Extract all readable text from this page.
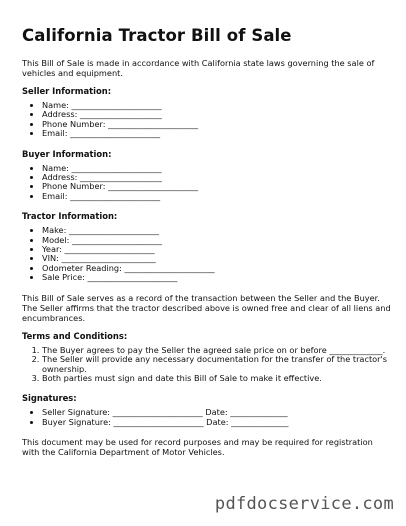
California Tractor Bill of Sale

This Bill of Sale is made in accordance with California state laws governing the sale of vehicles and equipment.

Seller Information:
• Name: ______________________
• Address: ____________________
• Phone Number: ______________________
• Email: ______________________
Buyer Information:
• Name: ______________________
• Address: ____________________
• Phone Number: ______________________
• Email: ______________________
Tractor Information:
• Make: ______________________
• Model: ______________________
• Year: ______________________
• VIN: _______________________
• Odometer Reading: ______________________
• Sale Price: ______________________

This Bill of Sale serves as a record of the transaction between the Seller and the Buyer. The Seller affirms that the tractor described above is owned free and clear of all liens and encumbrances.

Terms and Conditions:
1. The Buyer agrees to pay the Seller the agreed sale price on or before _____________.
2. The Seller will provide any necessary documentation for the transfer of the tractor's ownership.
3. Both parties must sign and date this Bill of Sale to make it effective.
Signatures:
• Seller Signature: ______________________ Date: ______________
• Buyer Signature: ______________________ Date: ______________

This document may be used for record purposes and may be required for registration with the California Department of Motor Vehicles.

pdfdocservice.com
